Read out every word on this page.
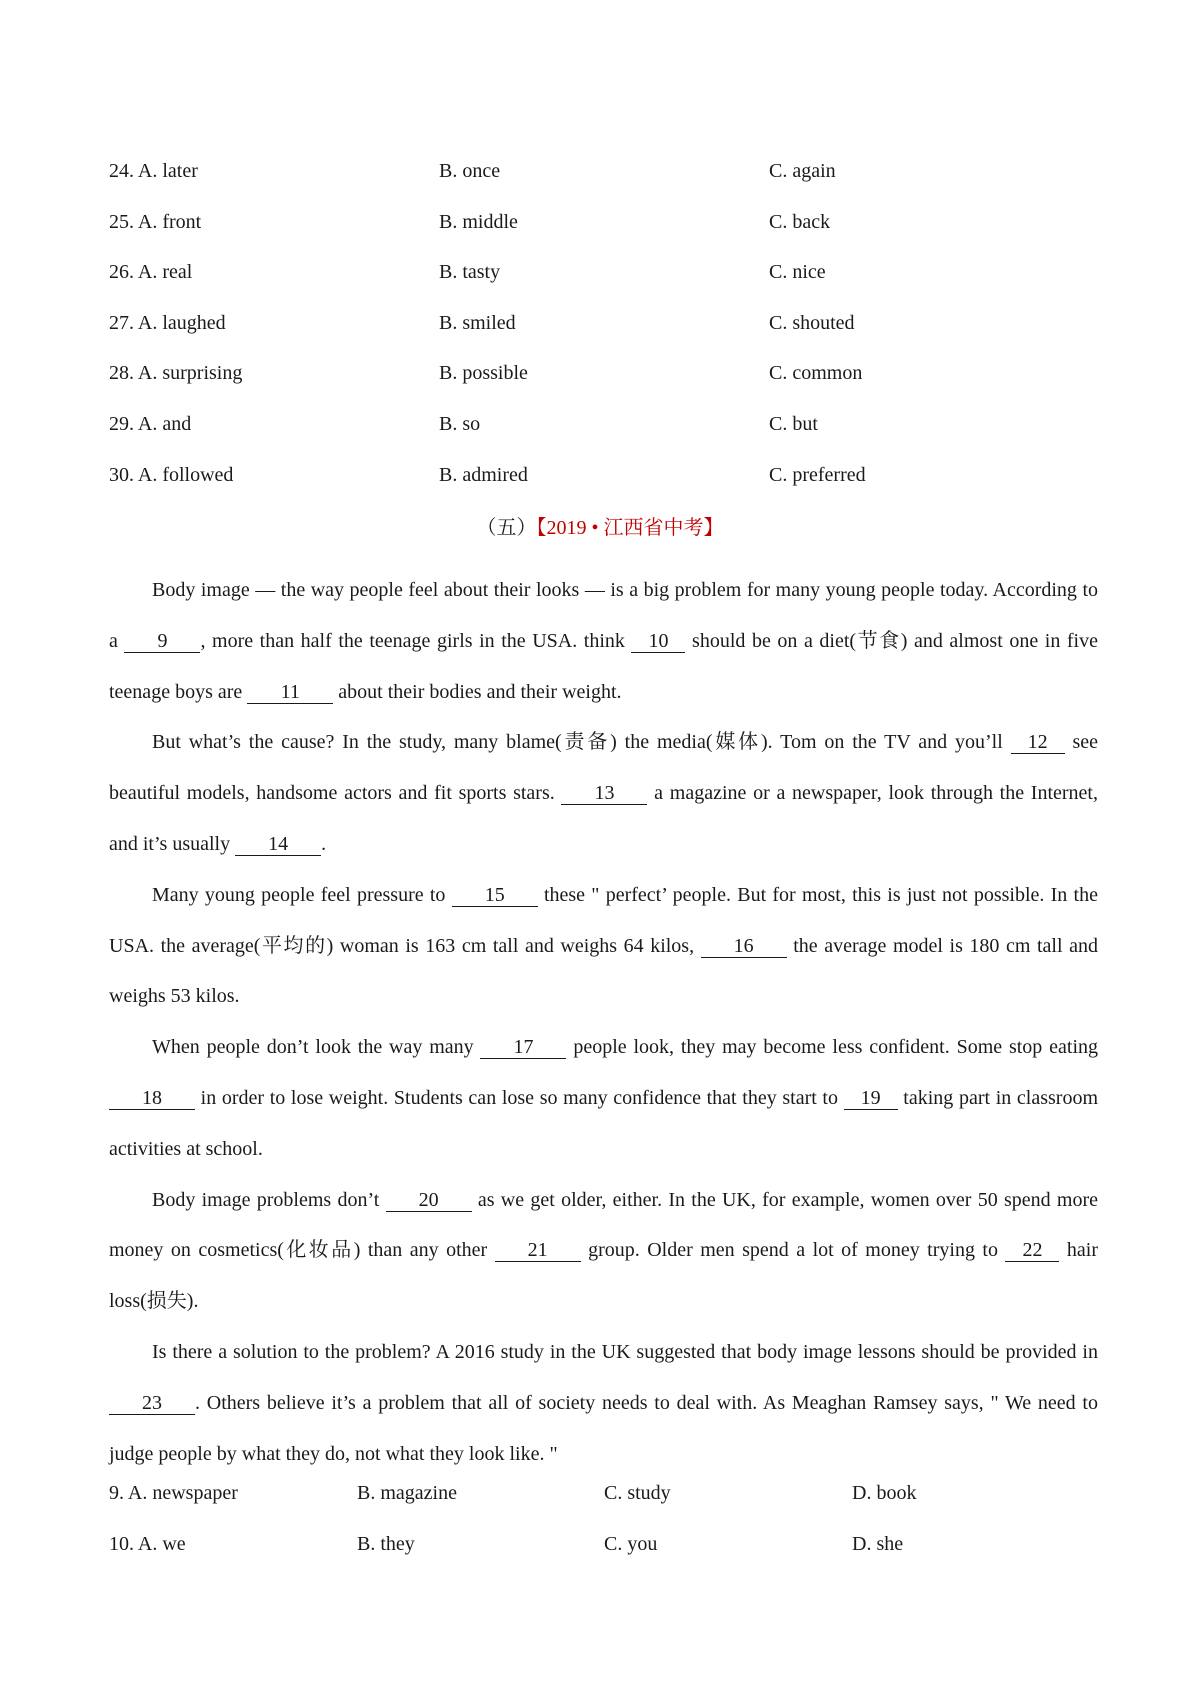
24. A. later	B. once	C. again
25. A. front	B. middle	C. back
26. A. real	B. tasty	C. nice
27. A. laughed	B. smiled	C. shouted
28. A. surprising	B. possible	C. common
29. A. and	B. so	C. but
30. A. followed	B. admired	C. preferred
（五）【2019 • 江西省中考】

Body image — the way people feel about their looks — is a big problem for many young people today. According to a 9 , more than half the teenage girls in the USA. think 10 should be on a diet(节食) and almost one in five teenage boys are 11 about their bodies and their weight.

But what’s the cause? In the study, many blame(责备) the media(媒体). Tom on the TV and you’ll 12 see beautiful models, handsome actors and fit sports stars. 13 a magazine or a newspaper, look through the Internet, and it’s usually 14 .

Many young people feel pressure to 15 these " perfect’ people. But for most, this is just not possible. In the USA. the average(平均的) woman is 163 cm tall and weighs 64 kilos, 16 the average model is 180 cm tall and weighs 53 kilos.

When people don’t look the way many 17 people look, they may become less confident. Some stop eating 18 in order to lose weight. Students can lose so many confidence that they start to 19 taking part in classroom activities at school.

Body image problems don’t 20 as we get older, either. In the UK, for example, women over 50 spend more money on cosmetics(化妆品) than any other 21 group. Older men spend a lot of money trying to 22 hair loss(损失).

Is there a solution to the problem? A 2016 study in the UK suggested that body image lessons should be provided in 23 . Others believe it’s a problem that all of society needs to deal with. As Meaghan Ramsey says, " We need to judge people by what they do, not what they look like. "

9. A. newspaper	B. magazine	C. study	D. book
10. A. we	B. they	C. you	D. she
